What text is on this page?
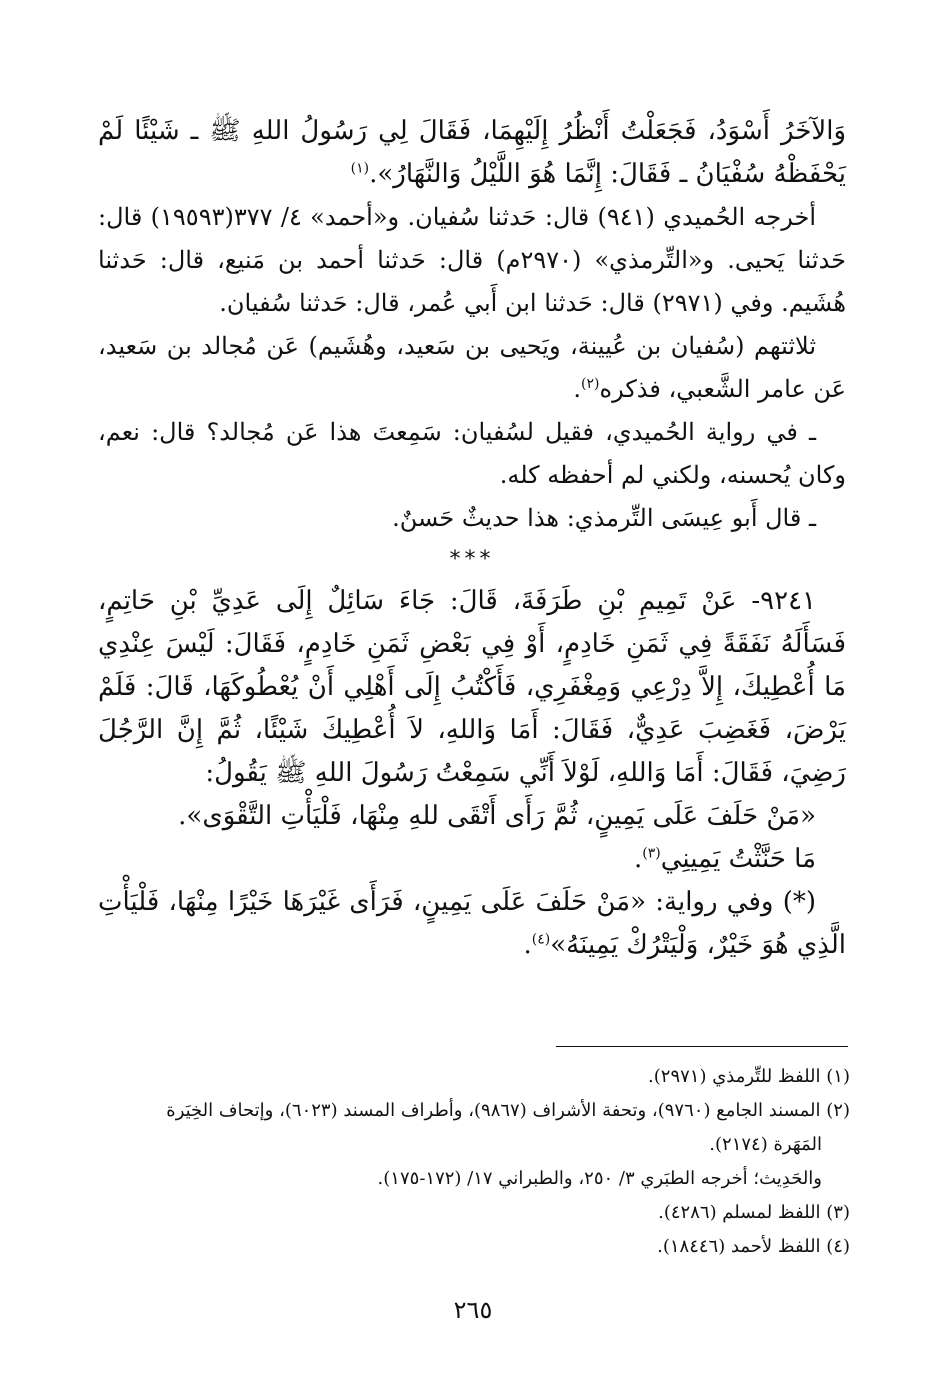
وَالآخَرُ أَسْوَدُ، فَجَعَلْتُ أَنْظُرُ إِلَيْهِمَا، فَقَالَ لِي رَسُولُ اللهِ ﷺ ـ شَيْئًا لَمْ يَحْفَظْهُ سُفْيَانُ ـ فَقَالَ: إِنَّمَا هُوَ اللَّيْلُ وَالنَّهَارُ».$^{(١)}$

أخرجه الحُميدي (٩٤١) قال: حَدثنا سُفيان. و«أحمد» ٤/ ٣٧٧(١٩٥٩٣) قال: حَدثنا يَحيى. و«التِّرمذي» (٢٩٧٠م) قال: حَدثنا أحمد بن مَنيع، قال: حَدثنا هُشَيم. وفي (٢٩٧١) قال: حَدثنا ابن أَبي عُمر، قال: حَدثنا سُفيان.

ثلاثتهم (سُفيان بن عُيينة، ويَحيى بن سَعيد، وهُشَيم) عَن مُجالد بن سَعيد، عَن عامر الشَّعبي، فذكره$^{(٢)}$.

ـ في رواية الحُميدي، فقيل لسُفيان: سَمِعتَ هذا عَن مُجالد؟ قال: نعم، وكان يُحسنه، ولكني لم أحفظه كله.

ـ قال أَبو عِيسَى التِّرمذي: هذا حديثٌ حَسنٌ.

***

٩٢٤١- عَنْ تَمِيمِ بْنِ طَرَفَةَ، قَالَ: جَاءَ سَائِلٌ إِلَى عَدِيِّ بْنِ حَاتِمٍ، فَسَأَلَهُ نَفَقَةً فِي ثَمَنِ خَادِمٍ، أَوْ فِي بَعْضِ ثَمَنِ خَادِمٍ، فَقَالَ: لَيْسَ عِنْدِي مَا أُعْطِيكَ، إِلاَّ دِرْعِي وَمِغْفَرِي، فَأَكْتُبُ إِلَى أَهْلِي أَنْ يُعْطُوكَهَا، قَالَ: فَلَمْ يَرْضَ، فَغَضِبَ عَدِيٌّ، فَقَالَ: أَمَا وَاللهِ، لاَ أُعْطِيكَ شَيْئًا، ثُمَّ إِنَّ الرَّجُلَ رَضِيَ، فَقَالَ: أَمَا وَاللهِ، لَوْلاَ أَنِّي سَمِعْتُ رَسُولَ اللهِ ﷺ يَقُولُ:

«مَنْ حَلَفَ عَلَى يَمِينٍ، ثُمَّ رَأَى أَتْقَى للهِ مِنْهَا، فَلْيَأْتِ التَّقْوَى».

مَا حَنَّثْتُ يَمِينِي$^{(٣)}$.

(*) وفي رواية: «مَنْ حَلَفَ عَلَى يَمِينٍ، فَرَأَى غَيْرَهَا خَيْرًا مِنْهَا، فَلْيَأْتِ الَّذِي هُوَ خَيْرٌ، وَلْيَتْرُكْ يَمِينَهُ»$^{(٤)}$.

(١) اللفظ للتِّرمذي (٢٩٧١).

(٢) المسند الجامع (٩٧٦٠)، وتحفة الأشراف (٩٨٦٧)، وأطراف المسند (٦٠٢٣)، وإتحاف الخِيَرة

المَهَرة (٢١٧٤).

والحَدِيث؛ أخرجه الطبَري ٣/ ٢٥٠، والطبراني ١٧/ (١٧٢-١٧٥).

(٣) اللفظ لمسلم (٤٢٨٦).

(٤) اللفظ لأحمد (١٨٤٤٦).

٢٦٥
